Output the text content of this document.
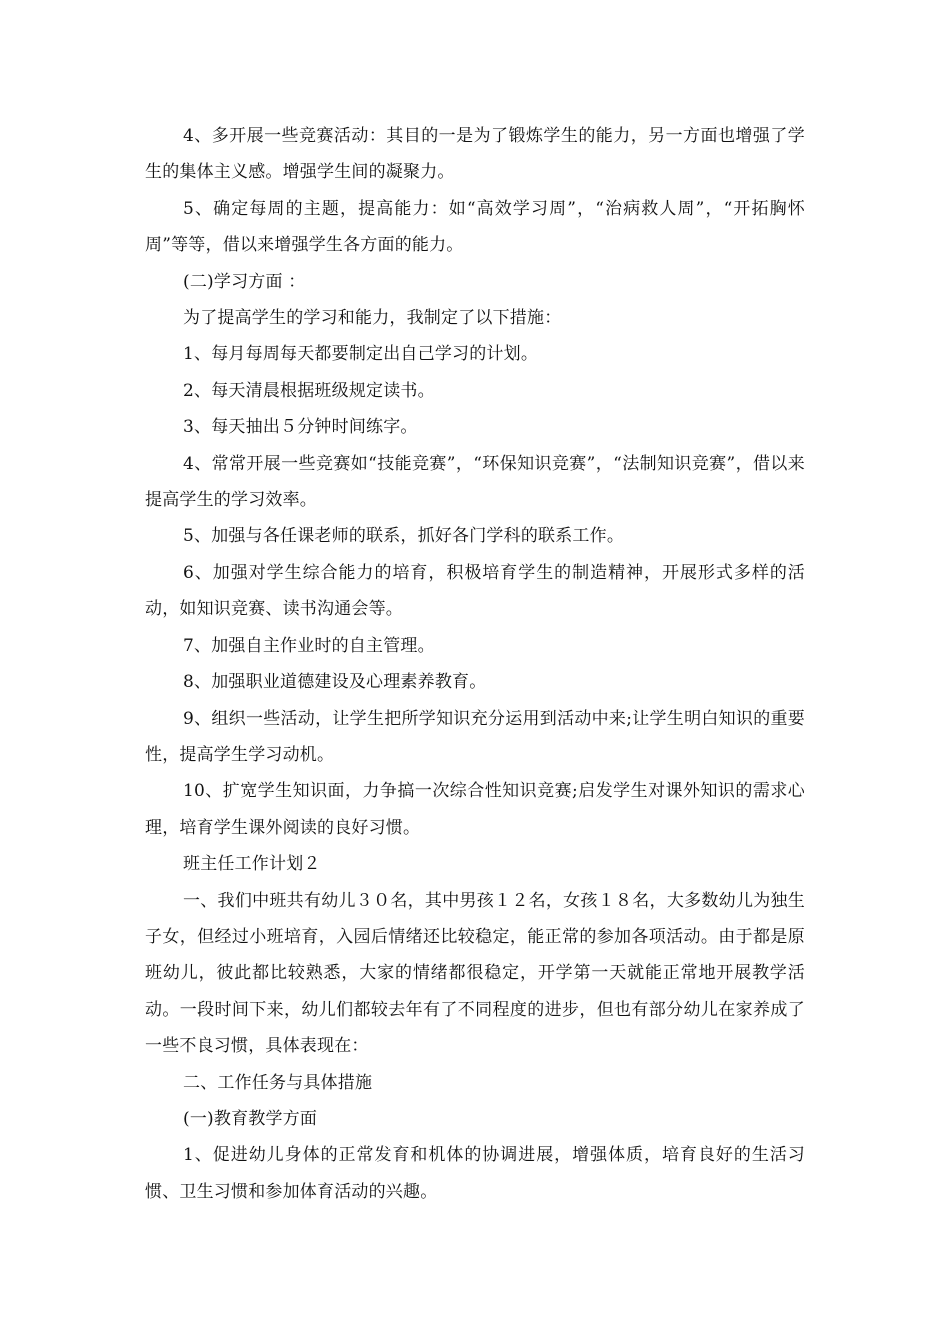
4、多开展一些竞赛活动：其目的一是为了锻炼学生的能力，另一方面也增强了学生的集体主义感。增强学生间的凝聚力。

5、确定每周的主题，提高能力：如“高效学习周”，“治病救人周”，“开拓胸怀周”等等，借以来增强学生各方面的能力。

(二)学习方面 ：

为了提高学生的学习和能力，我制定了以下措施：

1、每月每周每天都要制定出自己学习的计划。

2、每天清晨根据班级规定读书。

3、每天抽出５分钟时间练字。

4、常常开展一些竞赛如“技能竞赛”，“环保知识竞赛”，“法制知识竞赛”，借以来提高学生的学习效率。

5、加强与各任课老师的联系，抓好各门学科的联系工作。

6、加强对学生综合能力的培育，积极培育学生的制造精神，开展形式多样的活动，如知识竞赛、读书沟通会等。

7、加强自主作业时的自主管理。

8、加强职业道德建设及心理素养教育。

9、组织一些活动，让学生把所学知识充分运用到活动中来;让学生明白知识的重要性，提高学生学习动机。

10、扩宽学生知识面，力争搞一次综合性知识竞赛;启发学生对课外知识的需求心理，培育学生课外阅读的良好习惯。

班主任工作计划２

一、我们中班共有幼儿３０名，其中男孩１２名，女孩１８名，大多数幼儿为独生子女，但经过小班培育，入园后情绪还比较稳定，能正常的参加各项活动。由于都是原班幼儿，彼此都比较熟悉，大家的情绪都很稳定，开学第一天就能正常地开展教学活动。一段时间下来，幼儿们都较去年有了不同程度的进步，但也有部分幼儿在家养成了一些不良习惯，具体表现在：

二、工作任务与具体措施

(一)教育教学方面

1、促进幼儿身体的正常发育和机体的协调进展，增强体质，培育良好的生活习惯、卫生习惯和参加体育活动的兴趣。
